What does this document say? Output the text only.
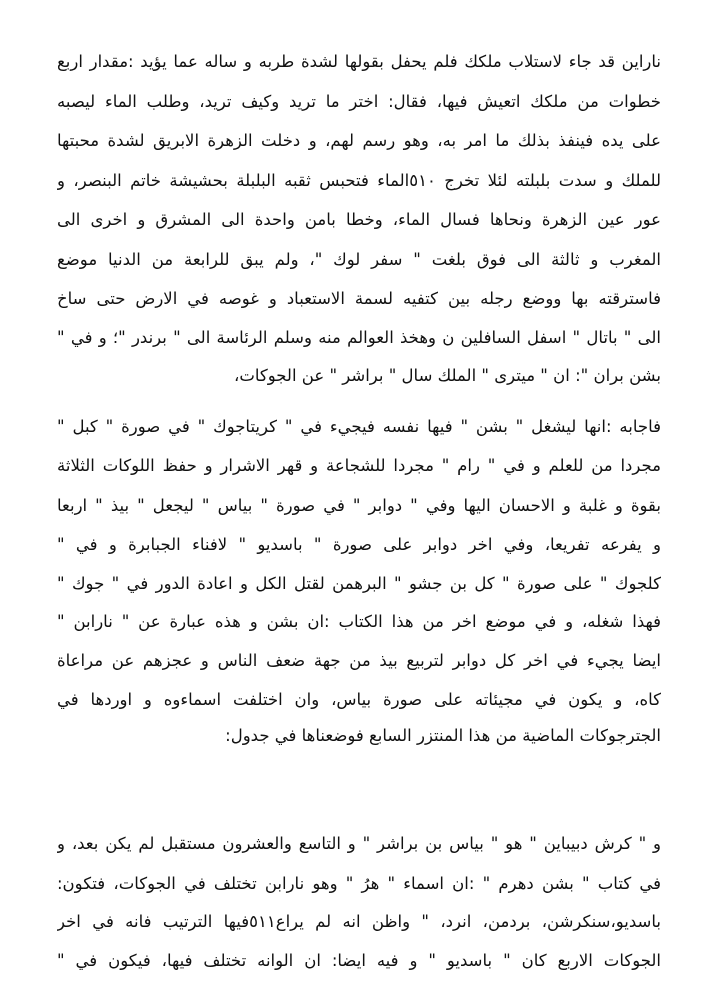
ناراين قد جاء لاستلاب ملكك فلم يحفل بقولها لشدة طربه و ساله عما يؤيد :مقدار اربع
خطوات من ملكك اتعيش فيها، فقال: اختر ما تريد وكيف تريد، وطلب الماء ليصبه
على يده فينفذ بذلك ما امر به، وهو رسم لهم، و دخلت الزهرة الابريق لشدة محبتها
للملك و سدت بلبلته لئلا تخرج ٥١٠الماء فتحبس ثقبه البلبلة بحشيشة خاتم البنصر، و
عور عين الزهرة ونحاها فسال الماء، وخطا بامن واحدة الى المشرق و اخرى الى
المغرب و ثالثة الى فوق بلغت " سفر لوك "، ولم يبق للرابعة من الدنيا موضع
فاسترقته بها ووضع رجله بين كتفيه لسمة الاستعباد و غوصه في الارض حتى ساخ
الى " باتال " اسفل السافلين ن وهخذ العوالم منه وسلم الرئاسة الى " برندر "؛ و في "
بشن بران ": ان " ميترى " الملك سال " براشر " عن الجوكات،
فاجابه :انها ليشغل " بشن " فيها نفسه فيجيء في " كريتاجوك " في صورة " كبل "
مجردا من للعلم و في " رام " مجردا للشجاعة و قهر الاشرار و حفظ اللوكات الثلاثة
بقوة و غلبة و الاحسان اليها وفي " دوابر " في صورة " بياس " ليجعل " بيذ " اربعا
و يفرعه تفريعا، وفي اخر دوابر على صورة " باسديو " لافناء الجبابرة و في "
كلجوك " على صورة " كل بن جشو " البرهمن لقتل الكل و اعادة الدور في " جوك "
فهذا شغله، و في موضع اخر من هذا الكتاب :ان بشن و هذه عبارة عن " نارابن "
ايضا يجيء في اخر كل دوابر لتربيع بيذ من جهة ضعف الناس و عجزهم عن مراعاة
كاه، و يكون في مجيئاته على صورة بياس، وان اختلفت اسماءوه و اوردها في
الجترجوكات الماضية من هذا المنتزر السابع فوضعناها في جدول:
و " كرش دبيباين " هو " بياس بن براشر " و التاسع والعشرون مستقبل لم يكن بعد، و
في كتاب " بشن دهرم " :ان اسماء " هرُ " وهو نارابن تختلف في الجوكات، فتكون:
باسديو،سنكرشن، بردمن، انرد، " واظن انه لم يراع٥١١فيها الترتيب فانه في اخر
الجوكات الاربع كان " باسديو " و فيه ايضا: ان الوانه تختلف فيها، فيكون في "
